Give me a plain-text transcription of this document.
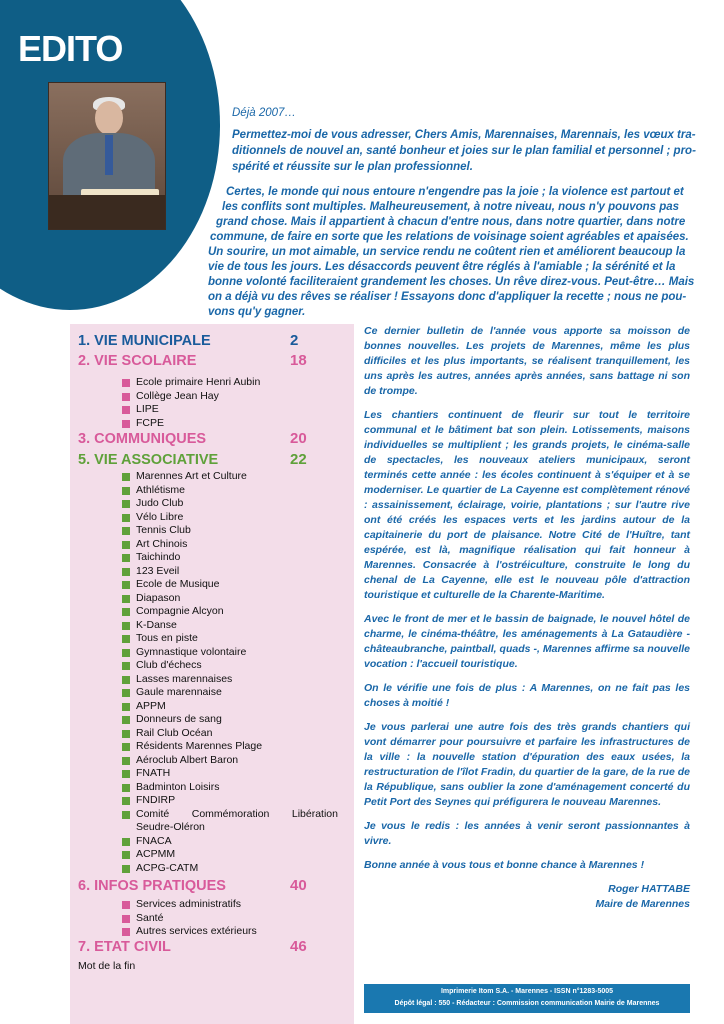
EDITO

Déjà 2007…

Permettez-moi de vous adresser, Chers Amis, Marennaises, Marennais, les vœux tra-

ditionnels de nouvel an, santé bonheur et joies sur le plan familial et personnel ; pro-

spérité et réussite sur le plan professionnel.

Certes, le monde qui nous entoure n'engendre pas la joie ; la violence est partout et

les conflits sont multiples. Malheureusement, à notre niveau, nous n'y pouvons pas

grand chose. Mais il appartient à chacun d'entre nous, dans notre quartier, dans notre

commune, de faire en sorte que les relations de voisinage soient agréables et apaisées.

Un sourire, un mot aimable, un service rendu ne coûtent rien et améliorent beaucoup la

vie de tous les jours. Les désaccords peuvent être réglés à l'amiable ; la sérénité et la

bonne volonté faciliteraient grandement les choses. Un rêve direz-vous. Peut-être… Mais

on a déjà vu des rêves se réaliser ! Essayons donc d'appliquer la recette ; nous ne pou-

vons qu'y gagner.

1. VIE MUNICIPALE	2
2. VIE SCOLAIRE	18
Ecole primaire Henri Aubin
Collège Jean Hay
LIPE
FCPE
3. COMMUNIQUES	20
5. VIE ASSOCIATIVE	22
Marennes Art et Culture
Athlétisme
Judo Club
Vélo Libre
Tennis Club
Art Chinois
Taichindo
123 Eveil
Ecole de Musique
Diapason
Compagnie Alcyon
K-Danse
Tous en piste
Gymnastique volontaire
Club d'échecs
Lasses marennaises
Gaule marennaise
APPM
Donneurs de sang
Rail Club Océan
Résidents Marennes Plage
Aéroclub Albert Baron
FNATH
Badminton Loisirs
FNDIRP
Comité Commémoration Libération Seudre-Oléron
FNACA
ACPMM
ACPG-CATM
6. INFOS PRATIQUES	40
Services administratifs
Santé
Autres services extérieurs
7. ETAT CIVIL	46
Mot de la fin

Ce dernier bulletin de l'année vous apporte sa moisson de bonnes nouvelles. Les projets de Marennes, même les plus difficiles et les plus importants, se réalisent tranquillement, les uns après les autres, années après années, sans battage ni son de trompe.

Les chantiers continuent de fleurir sur tout le territoire communal et le bâtiment bat son plein. Lotissements, maisons individuelles se multiplient ; les grands projets, le cinéma-salle de spectacles, les nouveaux ateliers municipaux, seront terminés cette année : les écoles continuent à s'équiper et à se moderniser. Le quartier de La Cayenne est complètement rénové : assainissement, éclairage, voirie, plantations ; sur l'autre rive ont été créés les espaces verts et les jardins autour de la capitainerie du port de plaisance. Notre Cité de l'Huître, tant espérée, est là, magnifique réalisation qui fait honneur à Marennes. Consacrée à l'ostréiculture, construite le long du chenal de La Cayenne, elle est le nouveau pôle d'attraction touristique et culturelle de la Charente-Maritime.

Avec le front de mer et le bassin de baignade, le nouvel hôtel de charme, le cinéma-théâtre, les aménagements à La Gataudière - châteaubranche, paintball, quads -, Marennes affirme sa nouvelle vocation : l'accueil touristique.

On le vérifie une fois de plus : A Marennes, on ne fait pas les choses à moitié !

Je vous parlerai une autre fois des très grands chantiers qui vont démarrer pour poursuivre et parfaire les infrastructures de la ville : la nouvelle station d'épuration des eaux usées, la restructuration de l'îlot Fradin, du quartier de la gare, de la rue de la République, sans oublier la zone d'aménagement concerté du Petit Port des Seynes qui préfigurera le nouveau Marennes.

Je vous le redis : les années à venir seront passionnantes à vivre.

Bonne année à vous tous et bonne chance à Marennes !

Roger HATTABE

Maire de Marennes

Imprimerie Itom S.A. - Marennes - ISSN n°1283-5005
Dépôt légal : 550 - Rédacteur : Commission communication Mairie de Marennes
